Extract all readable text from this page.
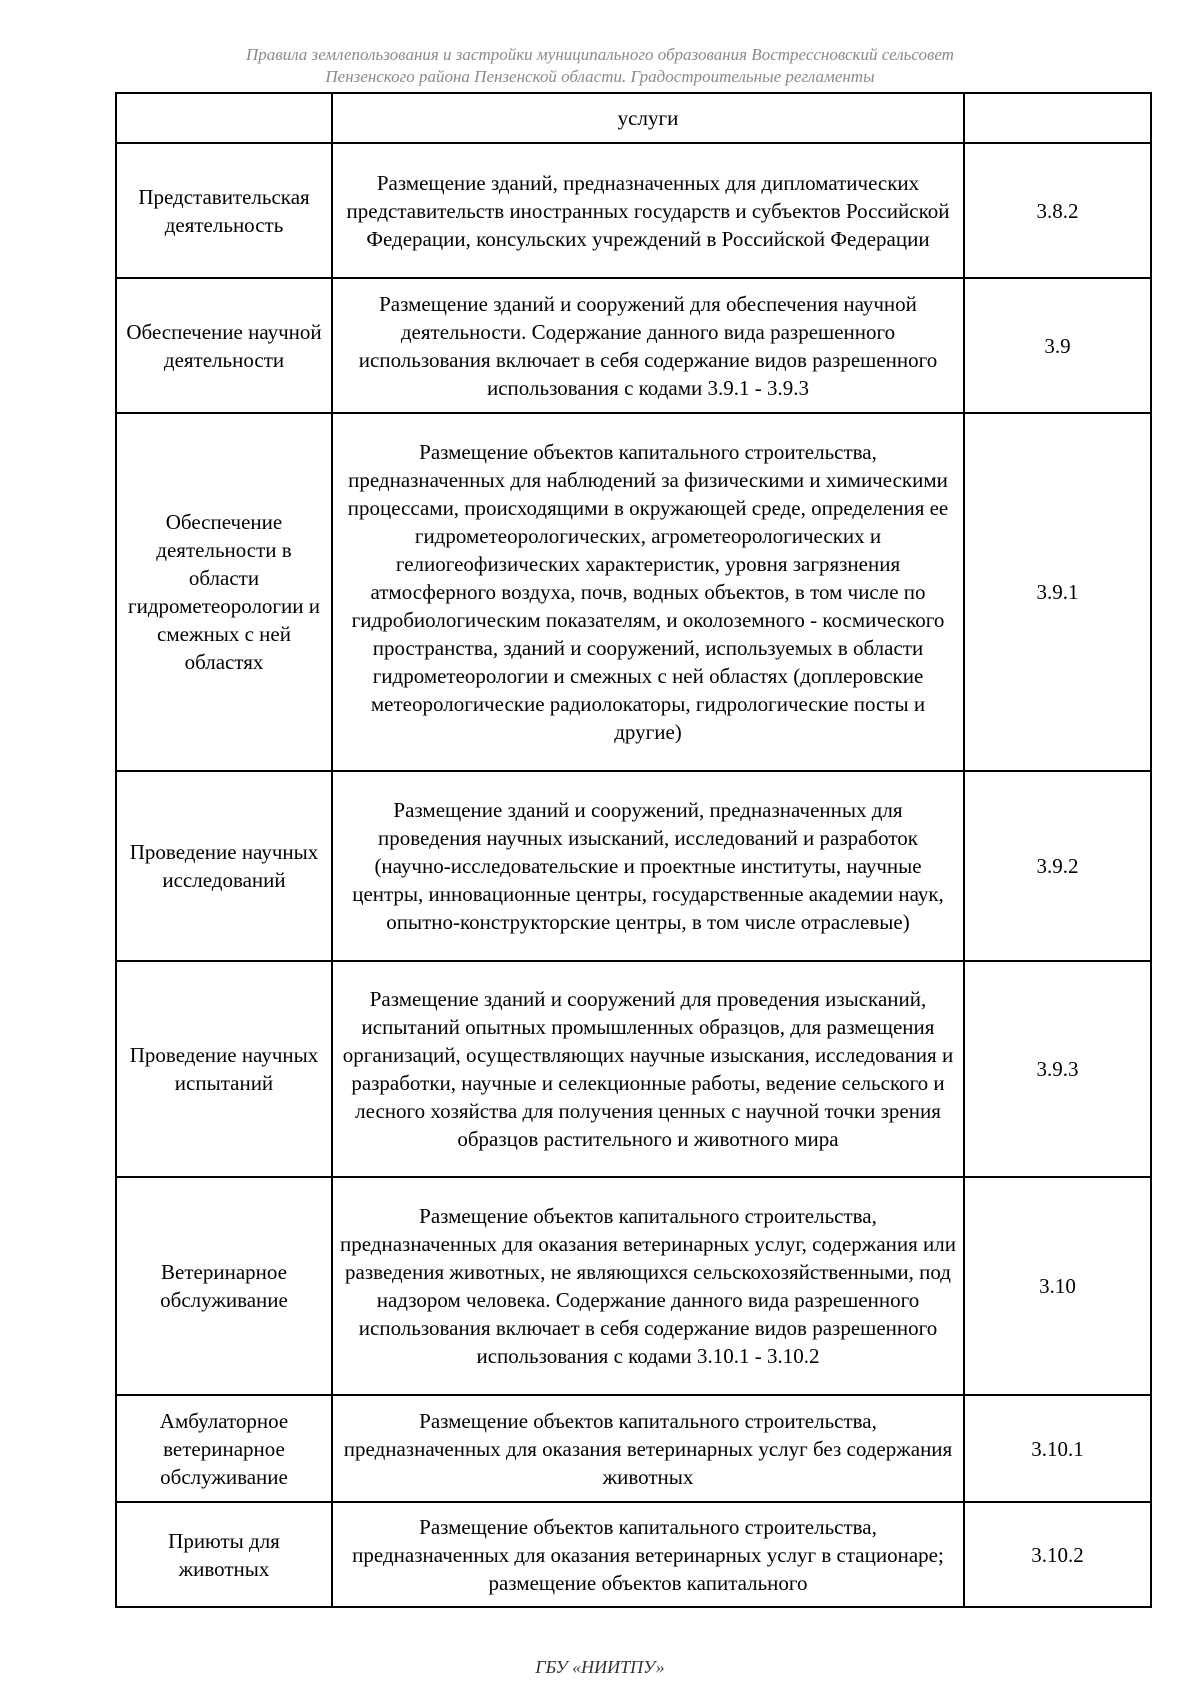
Правила землепользования и застройки муниципального образования Вострессновский сельсовет
Пензенского района Пензенской области. Градостроительные регламенты
	услуги	
Представительская деятельность	Размещение зданий, предназначенных для дипломатических представительств иностранных государств и субъектов Российской Федерации, консульских учреждений в Российской Федерации	3.8.2
Обеспечение научной деятельности	Размещение зданий и сооружений для обеспечения научной деятельности. Содержание данного вида разрешенного использования включает в себя содержание видов разрешенного использования с кодами 3.9.1 - 3.9.3	3.9
Обеспечение деятельности в области гидрометеорологии и смежных с ней областях	Размещение объектов капитального строительства, предназначенных для наблюдений за физическими и химическими процессами, происходящими в окружающей среде, определения ее гидрометеорологических, агрометеорологических и гелиогеофизических характеристик, уровня загрязнения атмосферного воздуха, почв, водных объектов, в том числе по гидробиологическим показателям, и околоземного - космического пространства, зданий и сооружений, используемых в области гидрометеорологии и смежных с ней областях (доплеровские метеорологические радиолокаторы, гидрологические посты и другие)	3.9.1
Проведение научных исследований	Размещение зданий и сооружений, предназначенных для проведения научных изысканий, исследований и разработок (научно-исследовательские и проектные институты, научные центры, инновационные центры, государственные академии наук, опытно-конструкторские центры, в том числе отраслевые)	3.9.2
Проведение научных испытаний	Размещение зданий и сооружений для проведения изысканий, испытаний опытных промышленных образцов, для размещения организаций, осуществляющих научные изыскания, исследования и разработки, научные и селекционные работы, ведение сельского и лесного хозяйства для получения ценных с научной точки зрения образцов растительного и животного мира	3.9.3
Ветеринарное обслуживание	Размещение объектов капитального строительства, предназначенных для оказания ветеринарных услуг, содержания или разведения животных, не являющихся сельскохозяйственными, под надзором человека. Содержание данного вида разрешенного использования включает в себя содержание видов разрешенного использования с кодами 3.10.1 - 3.10.2	3.10
Амбулаторное ветеринарное обслуживание	Размещение объектов капитального строительства, предназначенных для оказания ветеринарных услуг без содержания животных	3.10.1
Приюты для животных	Размещение объектов капитального строительства, предназначенных для оказания ветеринарных услуг в стационаре; размещение объектов капитального	3.10.2
ГБУ «НИИТПУ»
